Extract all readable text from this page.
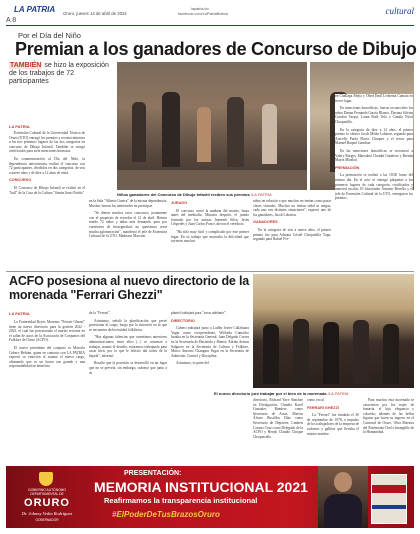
LA PATRIA Oruro, jueves 14 de abril de 2022
lapatria.bo
facebook.com/LaPatriaBolivia	cultural
A 8
Por el Día del Niño
Premian a los ganadores de Concurso de Dibujo
TAMBIÉN se hizo la exposición de los trabajos de 72 participantes
LA PATRIA
Niños ganadores del Concurso de Dibujo Infantil reciben sus premios /LA PATRIA

Extensión Cultural de la Universidad Técnica de Oruro (UTO) entregó los premios y reconocimientos a los tres primeros lugares de las dos categorías en concurso de Dibujo Infantil. También se otorgó certificados para siete menciones honrosas.

En conmemoración al Día del Niño, la dependencia universitaria, realizó el concurso con 72 participantes, divididos en dos categorías, de seis a nueve años y de diez a 12 años de edad.

CONCURSO

El Concurso de Dibujo Infantil se realizó en el "hall" de la Casa de la Cultura "Simón Iturri Patiño"

en la Sala "Alberto Guerra" de la misma dependencia. Muchos fueron los interesados en participar.

"Se dieron muchos estos concursos, justamente con el propósito de recordar el 12 de abril. Hemos tenido 72 niños y niñas más demandó, pero por cuestiones de bioseguridad, no queríamos crear mucha aglomeración", manifestó el jefe de Extensión Cultural de la UTO, Madriaso Marconi.

JURADO

El concurso contó la mañana del martes, hasta antes del mediodía. Minutos después, el jurado formado por los artistas Jeaneeth Silva, Jesús Céspedes y Juan Carlos Ponce, dieron el veredicto.

"Ha sido muy fácil y complicado por este primer lugar. En su trabajo que mostraba la dificultad que tuvieron muchos

niños en relación a que muchos no tenían como pasar clases virtuales. Muchos no tenían señal ni megas, cada uno con distintos situaciones", expresó uno de los ganadores, Jacob Lobaton.

GANADORES

En la categoría de seis a nueve años, el primer premio fue para Adriana Cristel Choquetilla Tupa, segundo para Rafael Fer-

en Challapa Mejia y Obed Emil Ledezma Camata en tercer lugar.

En menciones honoríficas, fueron reconocidos los niños Danna Fernanda García Blanco, Dayana Silvina Condori Tarqui, Laura Ruth Vela y Camila Nicol Choquetilla.

En la categoría de diez a 12 años, el primer premio lo obtuvo Jacob Milán Lobaton, segundo para Aracelly Paola Flores Chuquer y el tercer para Manuel Raquel Gamboa.

En las menciones honoríficas se reconoció a Valery Burgos, Marisabel Chambi Gutiérrez y Brenda Mayra Mirabal.

PREMIACIÓN

La premiación se realizó a las 18:00 horas del mismo día. En el acto se entregó plaquetas a los primeros lugares de cada categoría, certificados y material escolar. El historiador Antonio Revollo y el jefe de Extensión Cultural de la UTO, entregaron los premios.

ACFO posesiona al nuevo directorio de la morenada "Ferrari Ghezzi"
El nuevo directorio juró trabajar por el bien de la morenada /LA PATRIA
LA PATRIA

La Fraternidad Reyes Morenos "Ferrari Ghezzi" tiene un nuevo directorio para la gestión 2022 - 2023, el cual fue posesionado el martes reciente en el salón de actos de la Asociación de Conjuntos del Folklore de Oruro (ACFO).

El nuevo presidente del conjunto es Marcelo Cabero Beltrán, quien en contacto con LA PATRIA expresó su emoción al asumir el nuevo cargo, afirmando que es un honor tan grande y una responsabilidad en beneficio

de la "Ferrari".

Asimismo, señaló la planificación que prevé posesionar al cargo, luego por la situación en la que se encuentra dicha entidad folklórica.

"Hay algunas falencias que cometimos anteriores administraciones, entre ellos (...) se comenzó a trabajar, asumir el desafío, estaremos trabajando para sacar bien, por lo que le felicito ahí todos de la bajada", informó.

Resaltó que la posesión se desarrolló en un lugar que no se preveía, sin embargo, subrayó que junto a su

plantel trabajará para "sacar adelante".

DIRECTORIO

Cabero trabajará junto a Ludby Javier Callahuara Yugar como vicepresidente, Wilfredo Camacho Inuaha en la Secretaría General, Juan Delgado Correa en la Secretaría de Hacienda y Bienes, Adrián Arenas Salguero en la Secretaría de Cultura y Folklore, Marco Antonio Changara Yugar en la Secretaría de Admisión, Control y Disciplina.

Asimismo, es parte del

directorio, Richard Yave Sánchez en Divulgación, Claudio Karol Gonzales Ramírez como Secretario de Actas, Marvin Álvaro Bustillos Díaz como Secretario de Deportes, Limbert Lozano Cruz como Delegado de la ACFO y Henyk Claudio Choque Choquecallo.

como vocal.

FERRARI GHEZZI

La "Ferrari" fue fundada el 30 de septiembre de 1978, a impulso de los trabajadores de la empresa de rodoeras y gallitas que llevaba el mismo nombre.

Para muchos esta morenada se caracteriza por los trajes de fantasía, el lujo, elegancia y colorido; además de las bellas figuras que lucen su ingreso en el Carnaval de Oruro, Obra Maestra del Patrimonio Oral e Intangible de la Humanidad.

GOBIERNO AUTÓNOMO
DEPARTAMENTAL DE
ORURO
Dr. Johnny Vedia Rodríguez
GOBERNADOR
PRESENTACIÓN:
MEMORIA INSTITUCIONAL 2021
Reafirmamos la transparencia institucional
#ElPoderDeTusBrazosOruro
